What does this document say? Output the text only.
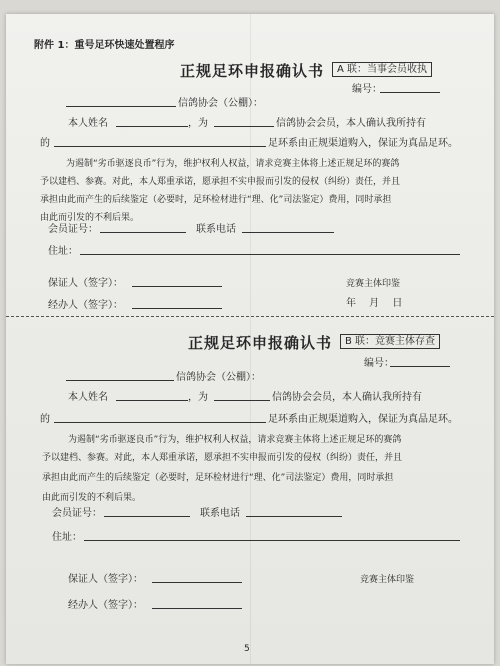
附件 1：重号足环快速处置程序
正规足环申报确认书	A 联：当事会员收执
编号：
信鸽协会（公棚）：
本人姓名	，为	信鸽协会会员，本人确认我所持有
的	足环系由正规渠道购入，保证为真品足环。
为遏制“劣币驱逐良币”行为，维护权利人权益，请求竞赛主体将上述正规足环的赛鸽
予以建档、参赛。对此，本人郑重承诺，愿承担不实申报而引发的侵权（纠纷）责任，并且
承担由此而产生的后续鉴定（必要时，足环检材进行“理、化”司法鉴定）费用，同时承担
由此而引发的不利后果。
会员证号：	联系电话
住址：
保证人（签字）：	竞赛主体印鉴
经办人（签字）：	年　 月　 日
正规足环申报确认书	B 联：竞赛主体存查
编号：
信鸽协会（公棚）：
本人姓名	，为	信鸽协会会员，本人确认我所持有
的	足环系由正规渠道购入，保证为真品足环。
为遏制“劣币驱逐良币”行为，维护权利人权益，请求竞赛主体将上述正规足环的赛鸽
予以建档、参赛。对此，本人郑重承诺，愿承担不实申报而引发的侵权（纠纷）责任，并且
承担由此而产生的后续鉴定（必要时，足环检材进行“理、化”司法鉴定）费用，同时承担
由此而引发的不利后果。
会员证号：	联系电话
住址：
保证人（签字）：	竞赛主体印鉴
经办人（签字）：
5
